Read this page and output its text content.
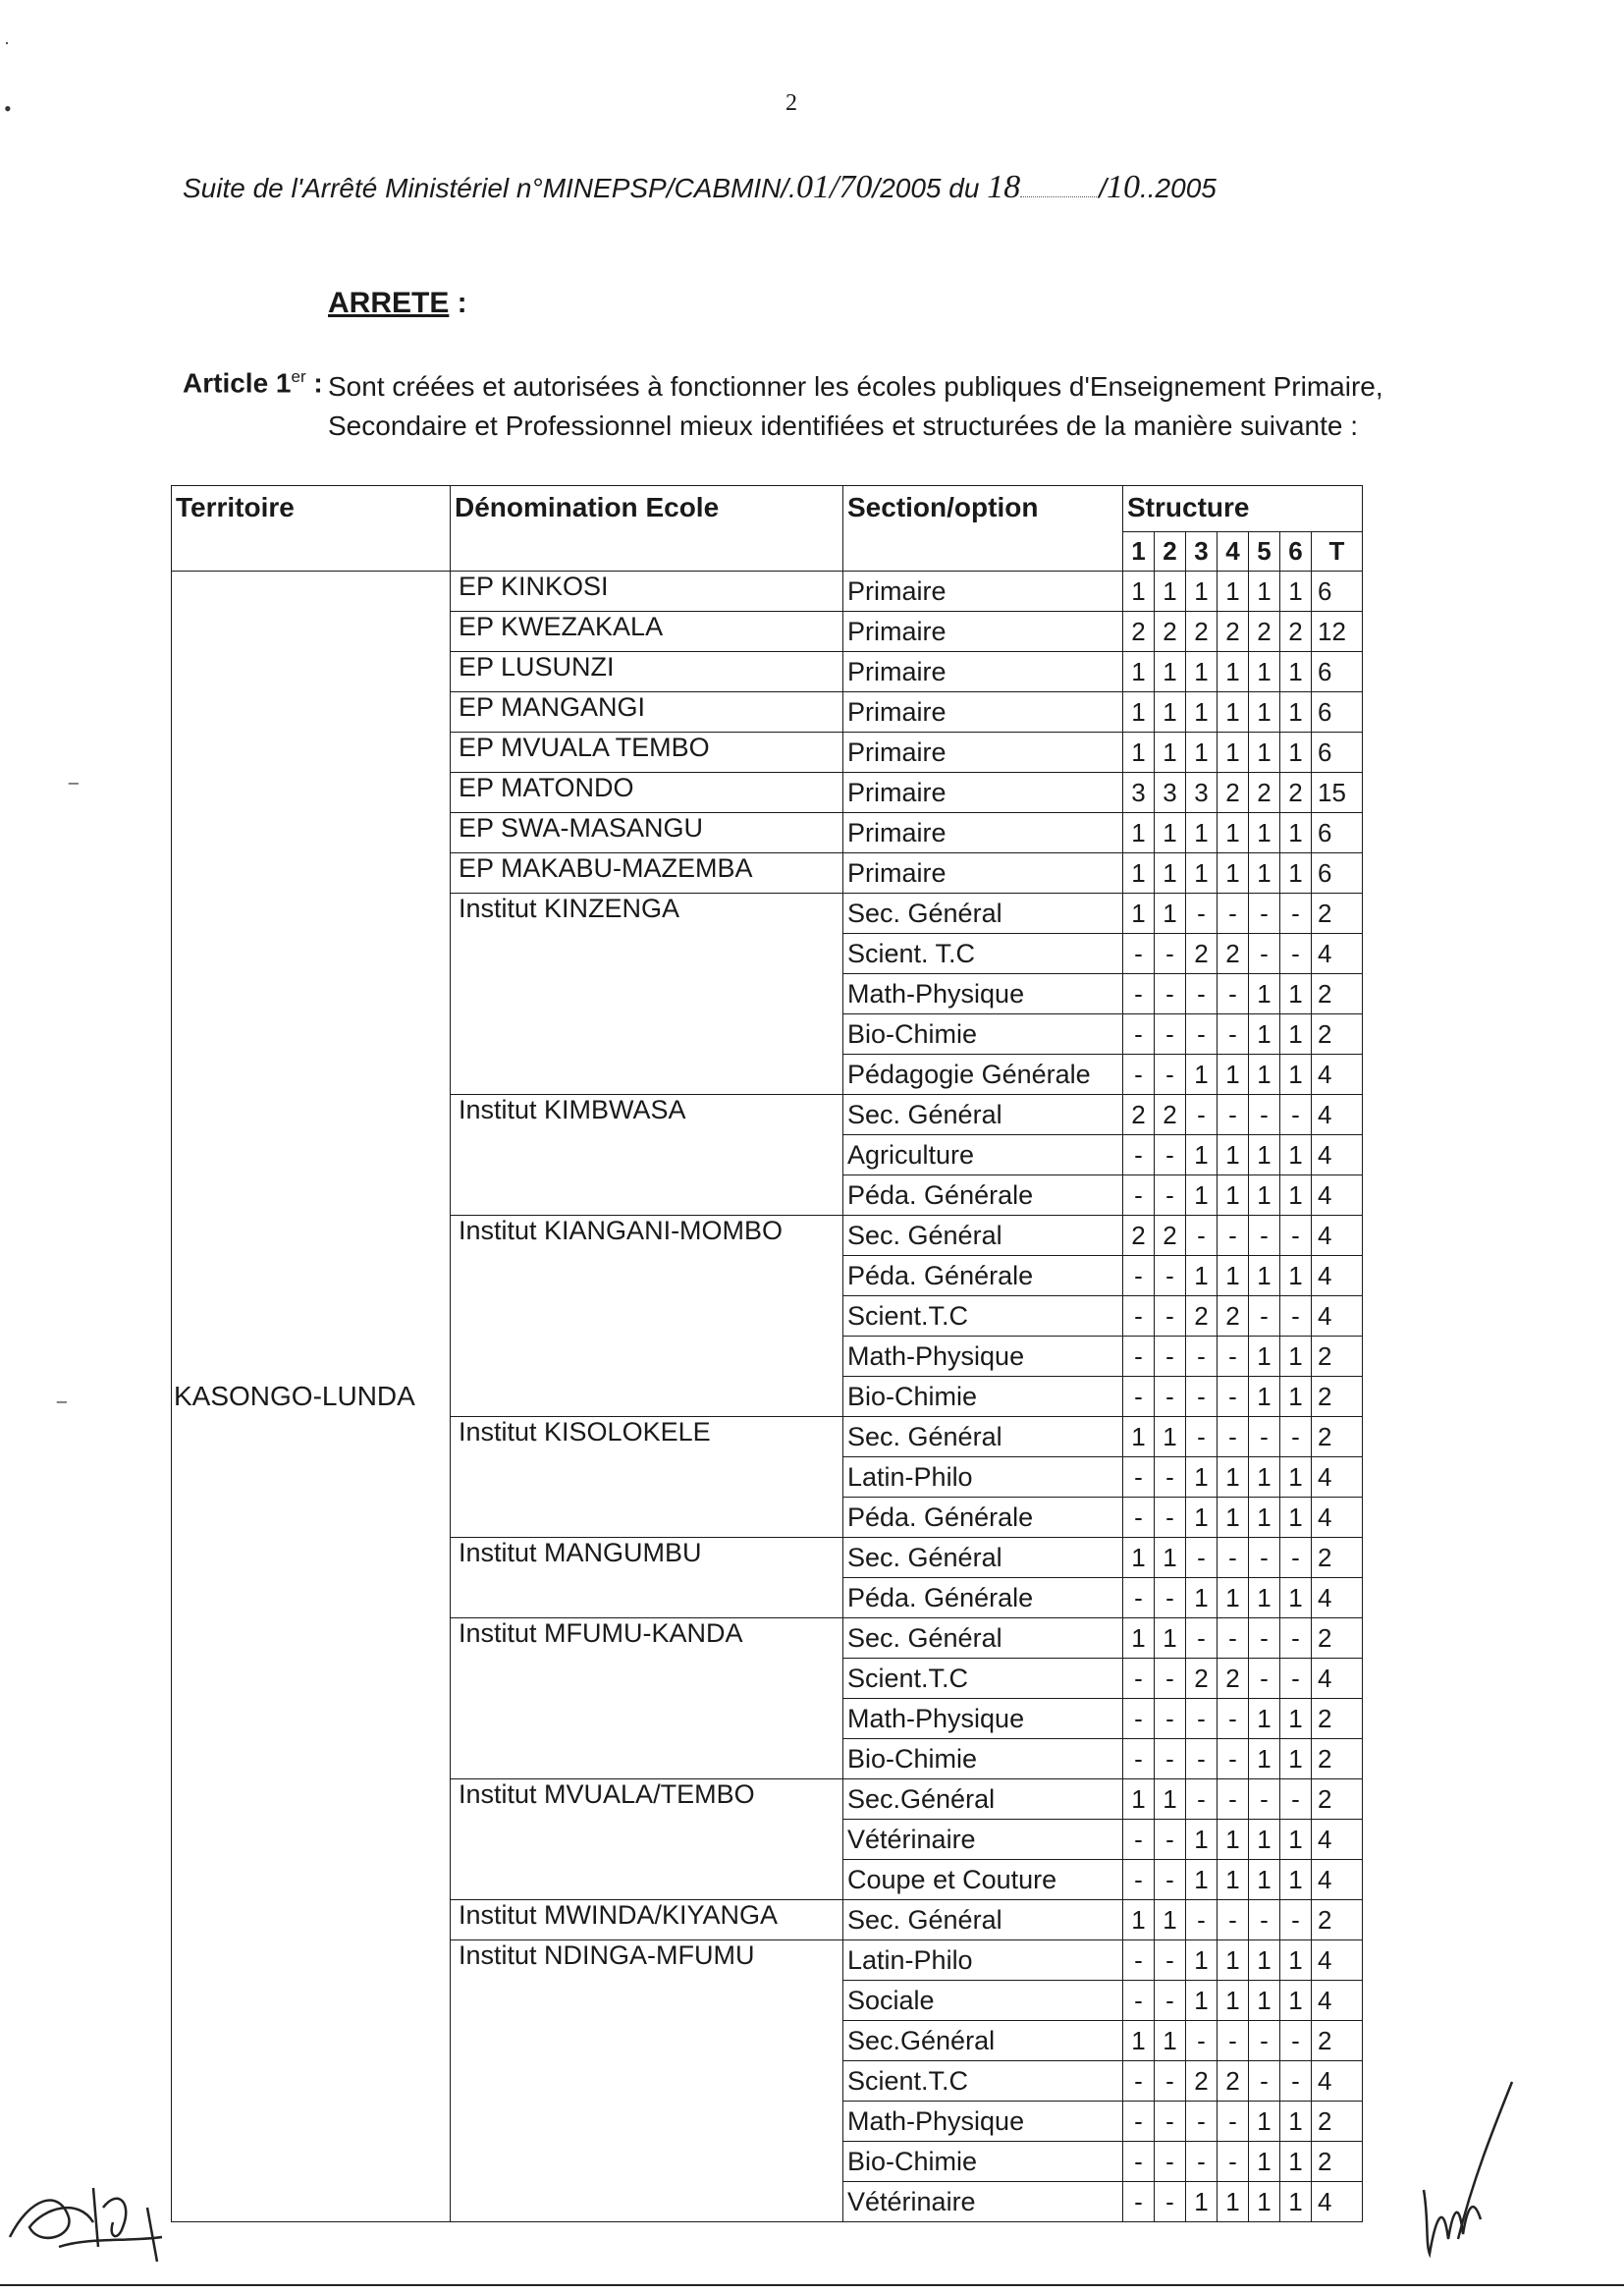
2
Suite de l'Arrêté Ministériel n°MINEPSP/CABMIN/.01/70/2005 du 18	/10..2005
ARRETE :
Article 1er : Sont créées et autorisées à fonctionner les écoles publiques d'Enseignement Primaire,
Secondaire et Professionnel mieux identifiées et structurées de la manière suivante :
Territoire	Dénomination Ecole	Section/option	Structure						
			1	2	3	4	5	6	T
KASONGO-LUNDA	EP KINKOSI	Primaire	1	1	1	1	1	1	6
	EP KWEZAKALA	Primaire	2	2	2	2	2	2	12
	EP LUSUNZI	Primaire	1	1	1	1	1	1	6
	EP MANGANGI	Primaire	1	1	1	1	1	1	6
	EP MVUALA TEMBO	Primaire	1	1	1	1	1	1	6
	EP MATONDO	Primaire	3	3	3	2	2	2	15
	EP SWA-MASANGU	Primaire	1	1	1	1	1	1	6
	EP MAKABU-MAZEMBA	Primaire	1	1	1	1	1	1	6
	Institut KINZENGA	Sec. Général	1	1	-	-	-	-	2
		Scient. T.C	-	-	2	2	-	-	4
		Math-Physique	-	-	-	-	1	1	2
		Bio-Chimie	-	-	-	-	1	1	2
		Pédagogie Générale	-	-	1	1	1	1	4
	Institut KIMBWASA	Sec. Général	2	2	-	-	-	-	4
		Agriculture	-	-	1	1	1	1	4
		Péda. Générale	-	-	1	1	1	1	4
	Institut KIANGANI-MOMBO	Sec. Général	2	2	-	-	-	-	4
		Péda. Générale	-	-	1	1	1	1	4
		Scient.T.C	-	-	2	2	-	-	4
		Math-Physique	-	-	-	-	1	1	2
		Bio-Chimie	-	-	-	-	1	1	2
	Institut KISOLOKELE	Sec. Général	1	1	-	-	-	-	2
		Latin-Philo	-	-	1	1	1	1	4
		Péda. Générale	-	-	1	1	1	1	4
	Institut MANGUMBU	Sec. Général	1	1	-	-	-	-	2
		Péda. Générale	-	-	1	1	1	1	4
	Institut MFUMU-KANDA	Sec. Général	1	1	-	-	-	-	2
		Scient.T.C	-	-	2	2	-	-	4
		Math-Physique	-	-	-	-	1	1	2
		Bio-Chimie	-	-	-	-	1	1	2
	Institut MVUALA/TEMBO	Sec.Général	1	1	-	-	-	-	2
		Vétérinaire	-	-	1	1	1	1	4
		Coupe et Couture	-	-	1	1	1	1	4
	Institut MWINDA/KIYANGA	Sec. Général	1	1	-	-	-	-	2
	Institut NDINGA-MFUMU	Latin-Philo	-	-	1	1	1	1	4
		Sociale	-	-	1	1	1	1	4
		Sec.Général	1	1	-	-	-	-	2
		Scient.T.C	-	-	2	2	-	-	4
		Math-Physique	-	-	-	-	1	1	2
		Bio-Chimie	-	-	-	-	1	1	2
		Vétérinaire	-	-	1	1	1	1	4
·
•
⁻
⁻
